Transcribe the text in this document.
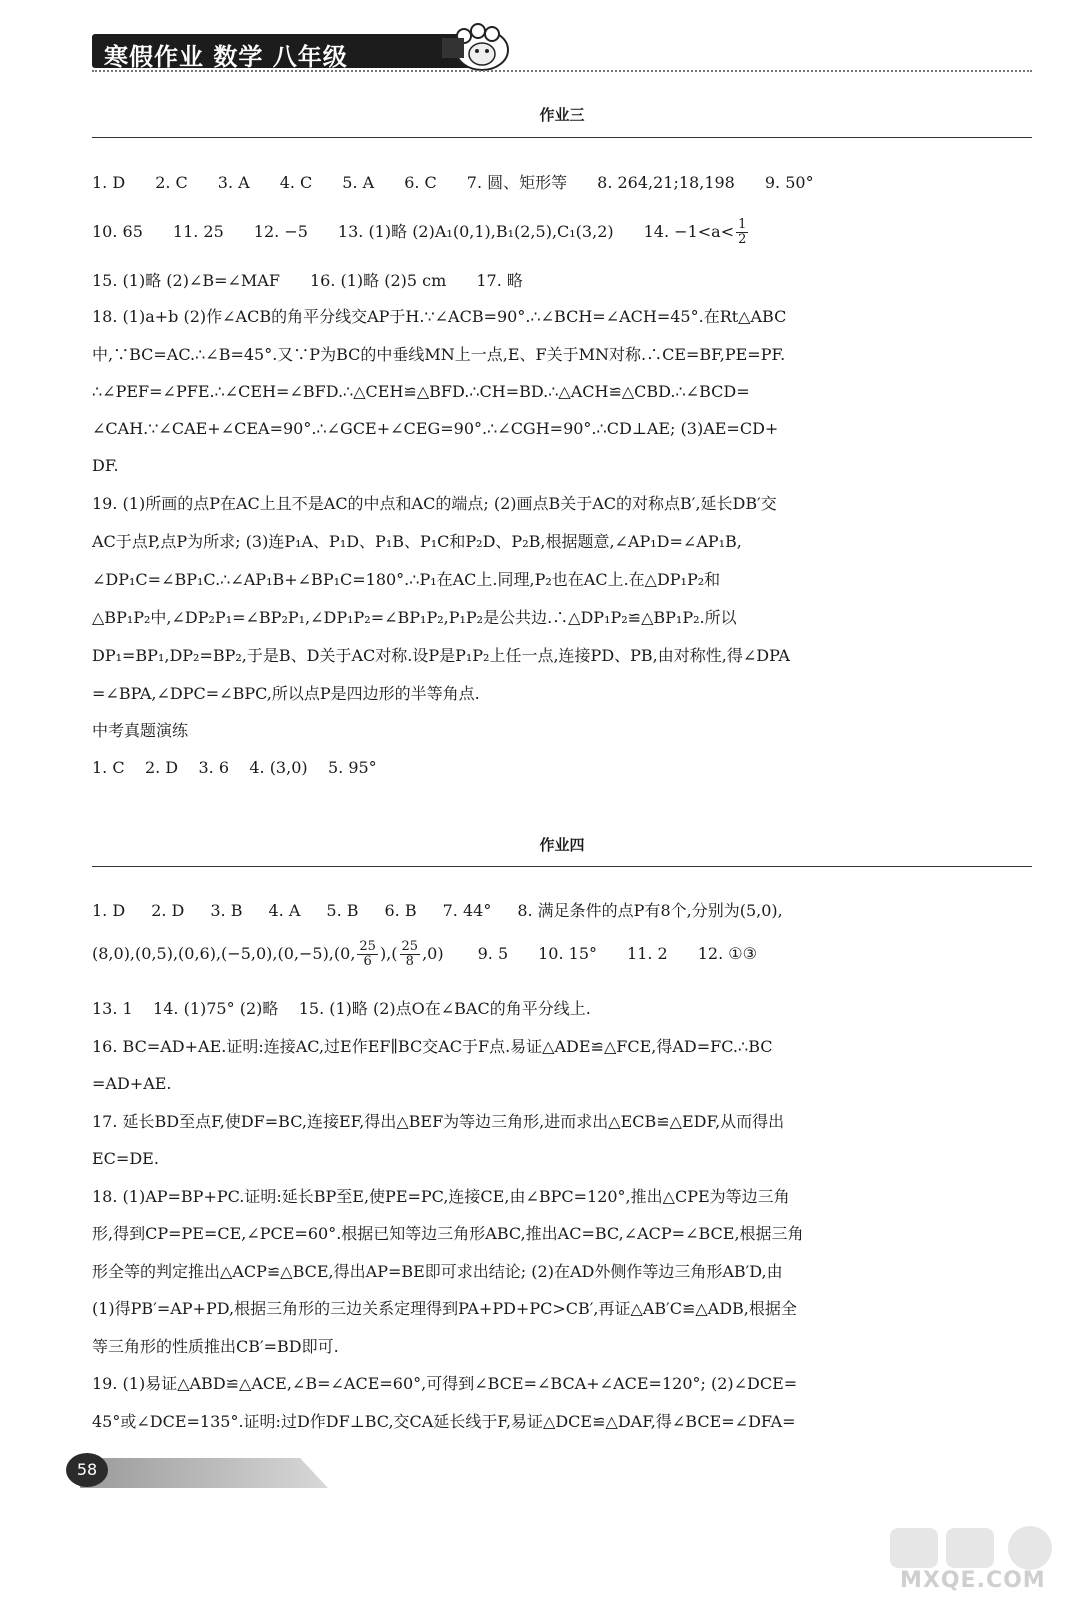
寒假作业 数学 八年级
作业三
1. D 2. C 3. A 4. C 5. A 6. C 7. 圆、矩形等 8. 264,21;18,198 9. 50°
10. 65 11. 25 12. −5 13. (1)略 (2)A₁(0,1),B₁(2,5),C₁(3,2) 14. $-1<a< \frac{1}{2}$
15. (1)略 (2)∠B=∠MAF 16. (1)略 (2)5 cm 17. 略
18. (1)a+b (2)作∠ACB的角平分线交AP于H.∵∠ACB=90°.∴∠BCH=∠ACH=45°.在Rt△ABC
中,∵BC=AC.∴∠B=45°.又∵P为BC的中垂线MN上一点,E、F关于MN对称.∴CE=BF,PE=PF.
∴∠PEF=∠PFE.∴∠CEH=∠BFD.∴△CEH≌△BFD.∴CH=BD.∴△ACH≌△CBD.∴∠BCD=
∠CAH.∵∠CAE+∠CEA=90°.∴∠GCE+∠CEG=90°.∴∠CGH=90°.∴CD⊥AE; (3)AE=CD+
DF.
19. (1)所画的点P在AC上且不是AC的中点和AC的端点; (2)画点B关于AC的对称点B′,延长DB′交
AC于点P,点P为所求; (3)连P₁A、P₁D、P₁B、P₁C和P₂D、P₂B,根据题意,∠AP₁D=∠AP₁B,
∠DP₁C=∠BP₁C.∴∠AP₁B+∠BP₁C=180°.∴P₁在AC上.同理,P₂也在AC上.在△DP₁P₂和
△BP₁P₂中,∠DP₂P₁=∠BP₂P₁,∠DP₁P₂=∠BP₁P₂,P₁P₂是公共边.∴△DP₁P₂≌△BP₁P₂.所以
DP₁=BP₁,DP₂=BP₂,于是B、D关于AC对称.设P是P₁P₂上任一点,连接PD、PB,由对称性,得∠DPA
=∠BPA,∠DPC=∠BPC,所以点P是四边形的半等角点.
中考真题演练
1. C    2. D    3. 6    4. (3,0)    5. 95°
作业四
1. D 2. D 3. B 4. A 5. B 6. B 7. 44° 8. 满足条件的点P有8个,分别为(5,0),
(8,0),(0,5),(0,6),(−5,0),(0,−5),(0, $\frac{25}{6}$ ),( $\frac{25}{8} ,0$) 9. 5 10. 15° 11. 2 12. ①③
13. 1    14. (1)75° (2)略    15. (1)略 (2)点O在∠BAC的角平分线上.
16. BC=AD+AE.证明:连接AC,过E作EF∥BC交AC于F点.易证△ADE≌△FCE,得AD=FC.∴BC
=AD+AE.
17. 延长BD至点F,使DF=BC,连接EF,得出△BEF为等边三角形,进而求出△ECB≌△EDF,从而得出
EC=DE.
18. (1)AP=BP+PC.证明:延长BP至E,使PE=PC,连接CE,由∠BPC=120°,推出△CPE为等边三角
形,得到CP=PE=CE,∠PCE=60°.根据已知等边三角形ABC,推出AC=BC,∠ACP=∠BCE,根据三角
形全等的判定推出△ACP≌△BCE,得出AP=BE即可求出结论; (2)在AD外侧作等边三角形AB′D,由
(1)得PB′=AP+PD,根据三角形的三边关系定理得到PA+PD+PC>CB′,再证△AB′C≌△ADB,根据全
等三角形的性质推出CB′=BD即可.
19. (1)易证△ABD≌△ACE,∠B=∠ACE=60°,可得到∠BCE=∠BCA+∠ACE=120°; (2)∠DCE=
45°或∠DCE=135°.证明:过D作DF⊥BC,交CA延长线于F,易证△DCE≌△DAF,得∠BCE=∠DFA=
58
MXQE.COM
